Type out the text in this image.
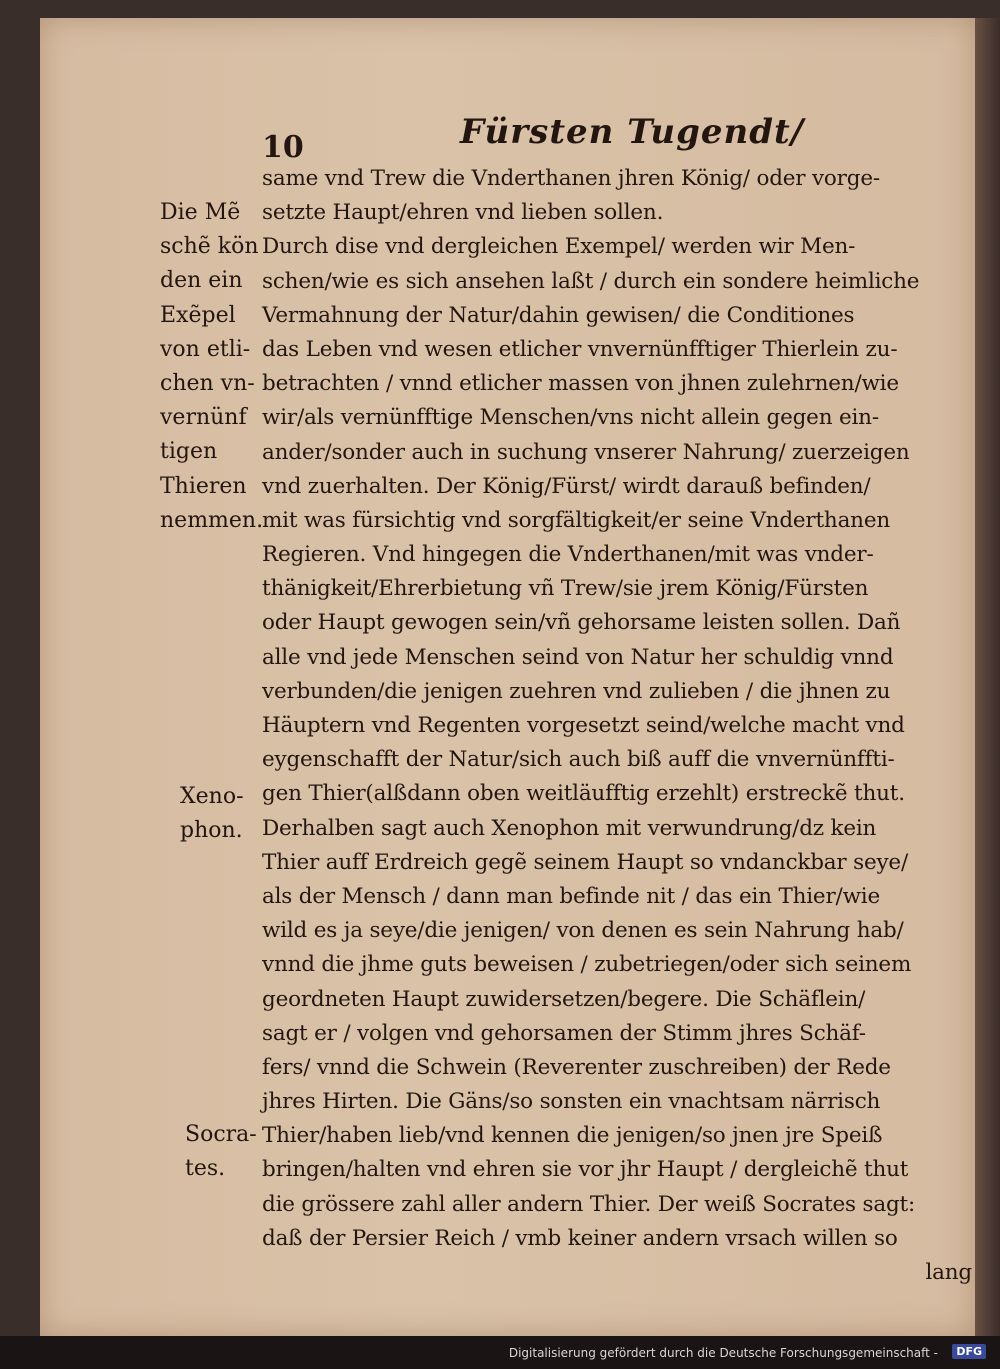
10	Fürsten Tugendt/
same vnd Trew die Vnderthanen jhren König/ oder vorge-
setzte Haupt/ehren vnd lieben sollen.
Durch dise vnd dergleichen Exempel/ werden wir Men-
schen/wie es sich ansehen laßt / durch ein sondere heimliche
Vermahnung der Natur/dahin gewisen/ die Conditiones
das Leben vnd wesen etlicher vnvernünfftiger Thierlein zu-
betrachten / vnnd etlicher massen von jhnen zulehrnen/wie
wir/als vernünfftige Menschen/vns nicht allein gegen ein-
ander/sonder auch in suchung vnserer Nahrung/ zuerzeigen
vnd zuerhalten. Der König/Fürst/ wirdt darauß befinden/
mit was fürsichtig vnd sorgfältigkeit/er seine Vnderthanen
Regieren. Vnd hingegen die Vnderthanen/mit was vnder-
thänigkeit/Ehrerbietung vñ Trew/sie jrem König/Fürsten
oder Haupt gewogen sein/vñ gehorsame leisten sollen. Dañ
alle vnd jede Menschen seind von Natur her schuldig vnnd
verbunden/die jenigen zuehren vnd zulieben / die jhnen zu
Häuptern vnd Regenten vorgesetzt seind/welche macht vnd
eygenschafft der Natur/sich auch biß auff die vnvernünffti-
gen Thier(alßdann oben weitläufftig erzehlt) erstreckẽ thut.
Derhalben sagt auch Xenophon mit verwundrung/dz kein
Thier auff Erdreich gegẽ seinem Haupt so vndanckbar seye/
als der Mensch / dann man befinde nit / das ein Thier/wie
wild es ja seye/die jenigen/ von denen es sein Nahrung hab/
vnnd die jhme guts beweisen / zubetriegen/oder sich seinem
geordneten Haupt zuwidersetzen/begere. Die Schäflein/
sagt er / volgen vnd gehorsamen der Stimm jhres Schäf-
fers/ vnnd die Schwein (Reverenter zuschreiben) der Rede
jhres Hirten. Die Gäns/so sonsten ein vnachtsam närrisch
Thier/haben lieb/vnd kennen die jenigen/so jnen jre Speiß
bringen/halten vnd ehren sie vor jhr Haupt / dergleichẽ thut
die grössere zahl aller andern Thier. Der weiß Socrates sagt:
daß der Persier Reich / vmb keiner andern vrsach willen so
lang
Die Mẽ
schẽ kön
den ein
Exẽpel
von etli-
chen vn-
vernünf
tigen
Thieren
nemmen.
Xeno-
phon.
Socra-
tes.
Digitalisierung gefördert durch die Deutsche Forschungsgemeinschaft -	DFG
